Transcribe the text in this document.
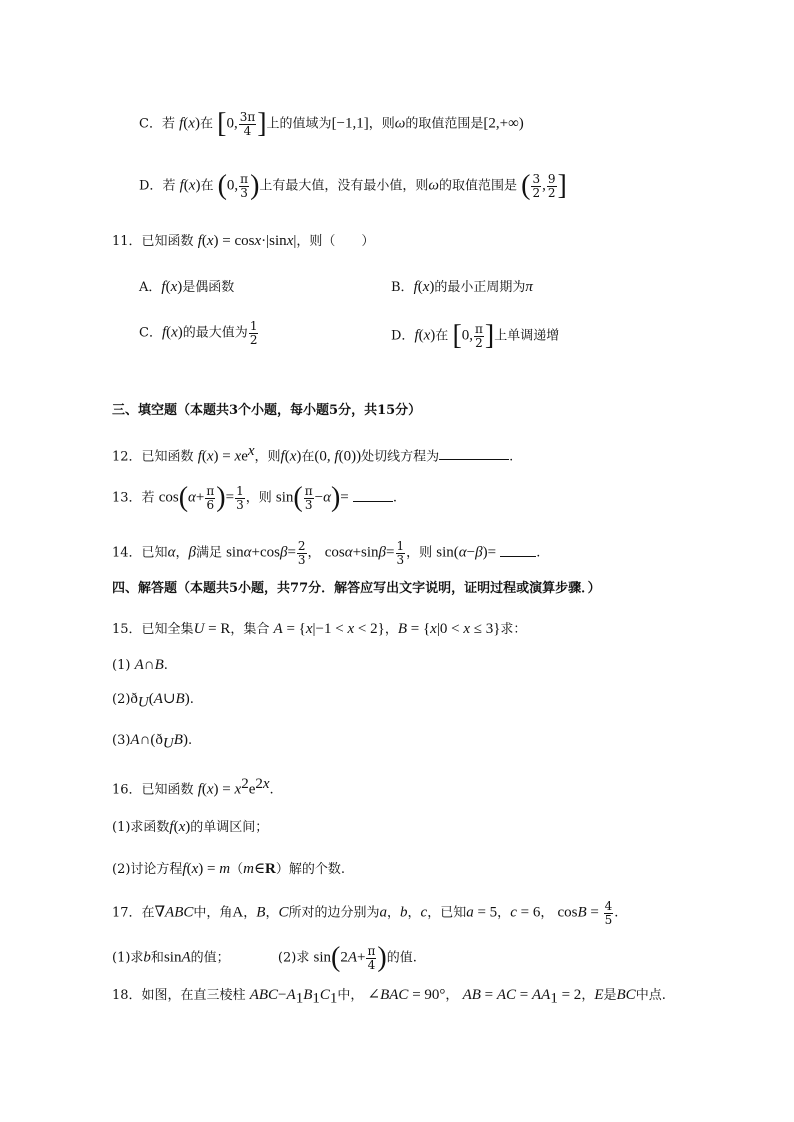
C．若 f(x)在 [0, $\frac{3\pi}{4}$ ]上的值域为[−1,1]，则ω的取值范围是[2,+∞)
D．若 f(x)在 (0, $\frac{\pi}{3}$ )上有最大值，没有最小值，则ω的取值范围是 ( $\frac{3}{2}$ , $\frac{9}{2}$ ]
11．已知函数 f(x) = cosx·|sinx|，则（　　）
A．f(x)是偶函数	B．f(x)的最小正周期为π
C．f(x)的最大值为 $\frac{1}{2}$	D．f(x)在 [0, $\frac{\pi}{2}$ ]上单调递增
三、填空题（本题共3个小题，每小题5分，共15分）
12．已知函数 $f(x) = xe^x$，则f(x)在(0, f(0))处切线方程为	.
13．若 $\cos(\alpha+ \frac{\pi}{6}$ )= $\frac{1}{3}$ ，则 $\sin( \frac{\pi}{3} -\alpha)=$	.
14．已知α，β满足 $\sin\alpha+\cos\beta= \frac{2}{3}$ ， $\cos\alpha+\sin\beta= \frac{1}{3}$ ，则 sin(α−β)=	.
四、解答题（本题共5小题，共77分．解答应写出文字说明，证明过程或演算步骤．）
15．已知全集U = R，集合 A = {x|−1 < x < 2}，B = {x|0 < x ≤ 3}求：
(1) A∩B.
$(2)ð_U(A\cup B)$.
$(3)A\cap(ð_UB)$.
16．已知函数 $f(x) = x^2e^{2x}$.
(1)求函数f(x)的单调区间；
(2)讨论方程f(x) = m（m∈R）解的个数.
17．在∇ABC中，角A，B，C所对的边分别为a，b，c，已知a = 5，c = 6， $\cos B = \frac{4}{5}$ .
(1)求b和sinA的值；	(2)求 $\sin(2A+ \frac{\pi}{4}$ )的值.
18．如图，在直三棱柱 $ABC-A_1B_1C_1$中， ∠BAC = 90°， AB = AC = $AA_1 = 2$，E是BC中点.
